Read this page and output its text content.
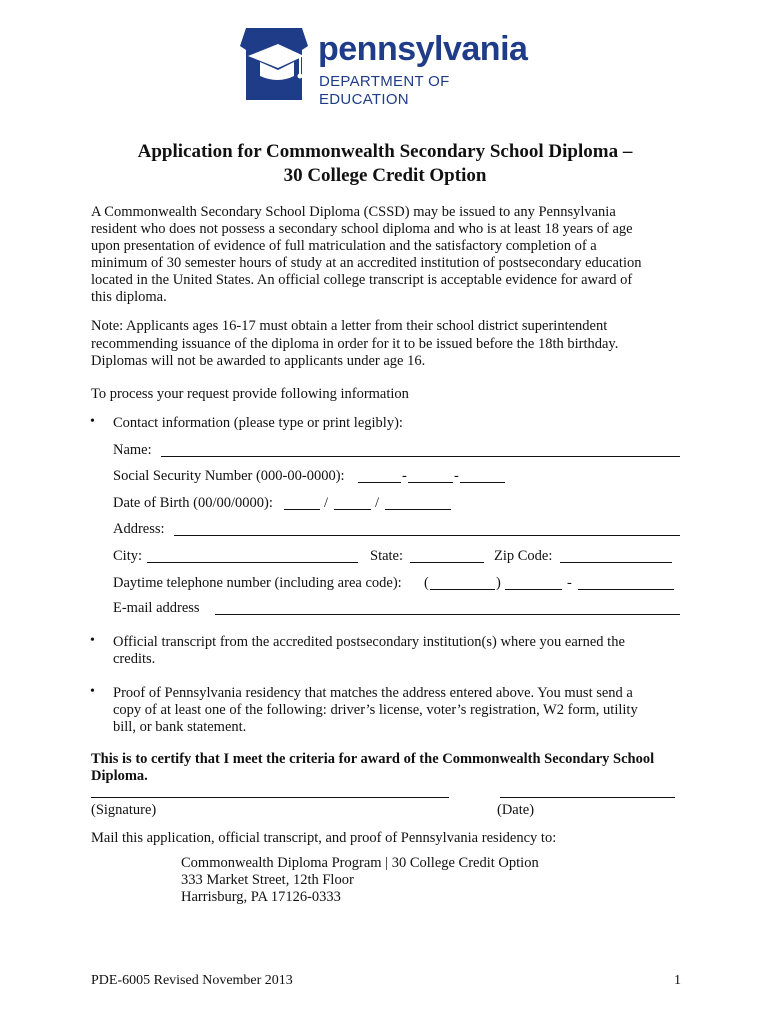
pennsylvania
DEPARTMENT OF EDUCATION
Application for Commonwealth Secondary School Diploma –
30 College Credit Option
A Commonwealth Secondary School Diploma (CSSD) may be issued to any Pennsylvania
resident who does not possess a secondary school diploma and who is at least 18 years of age
upon presentation of evidence of full matriculation and the satisfactory completion of a
minimum of 30 semester hours of study at an accredited institution of postsecondary education
located in the United States. An official college transcript is acceptable evidence for award of
this diploma.
Note: Applicants ages 16-17 must obtain a letter from their school district superintendent
recommending issuance of the diploma in order for it to be issued before the 18th birthday.
Diplomas will not be awarded to applicants under age 16.
To process your request provide following information
• Contact information (please type or print legibly):
Name:
Social Security Number (000-00-0000):	-	-
Date of Birth (00/00/0000):	/	/
Address:
City:	State:	Zip Code:
Daytime telephone number (including area code): (	)	-
E-mail address
• Official transcript from the accredited postsecondary institution(s) where you earned the
credits.
• Proof of Pennsylvania residency that matches the address entered above. You must send a
copy of at least one of the following: driver’s license, voter’s registration, W2 form, utility
bill, or bank statement.
This is to certify that I meet the criteria for award of the Commonwealth Secondary School
Diploma.
(Signature)	(Date)
Mail this application, official transcript, and proof of Pennsylvania residency to:
Commonwealth Diploma Program | 30 College Credit Option
333 Market Street, 12th Floor
Harrisburg, PA 17126-0333
PDE-6005 Revised November 2013	1
